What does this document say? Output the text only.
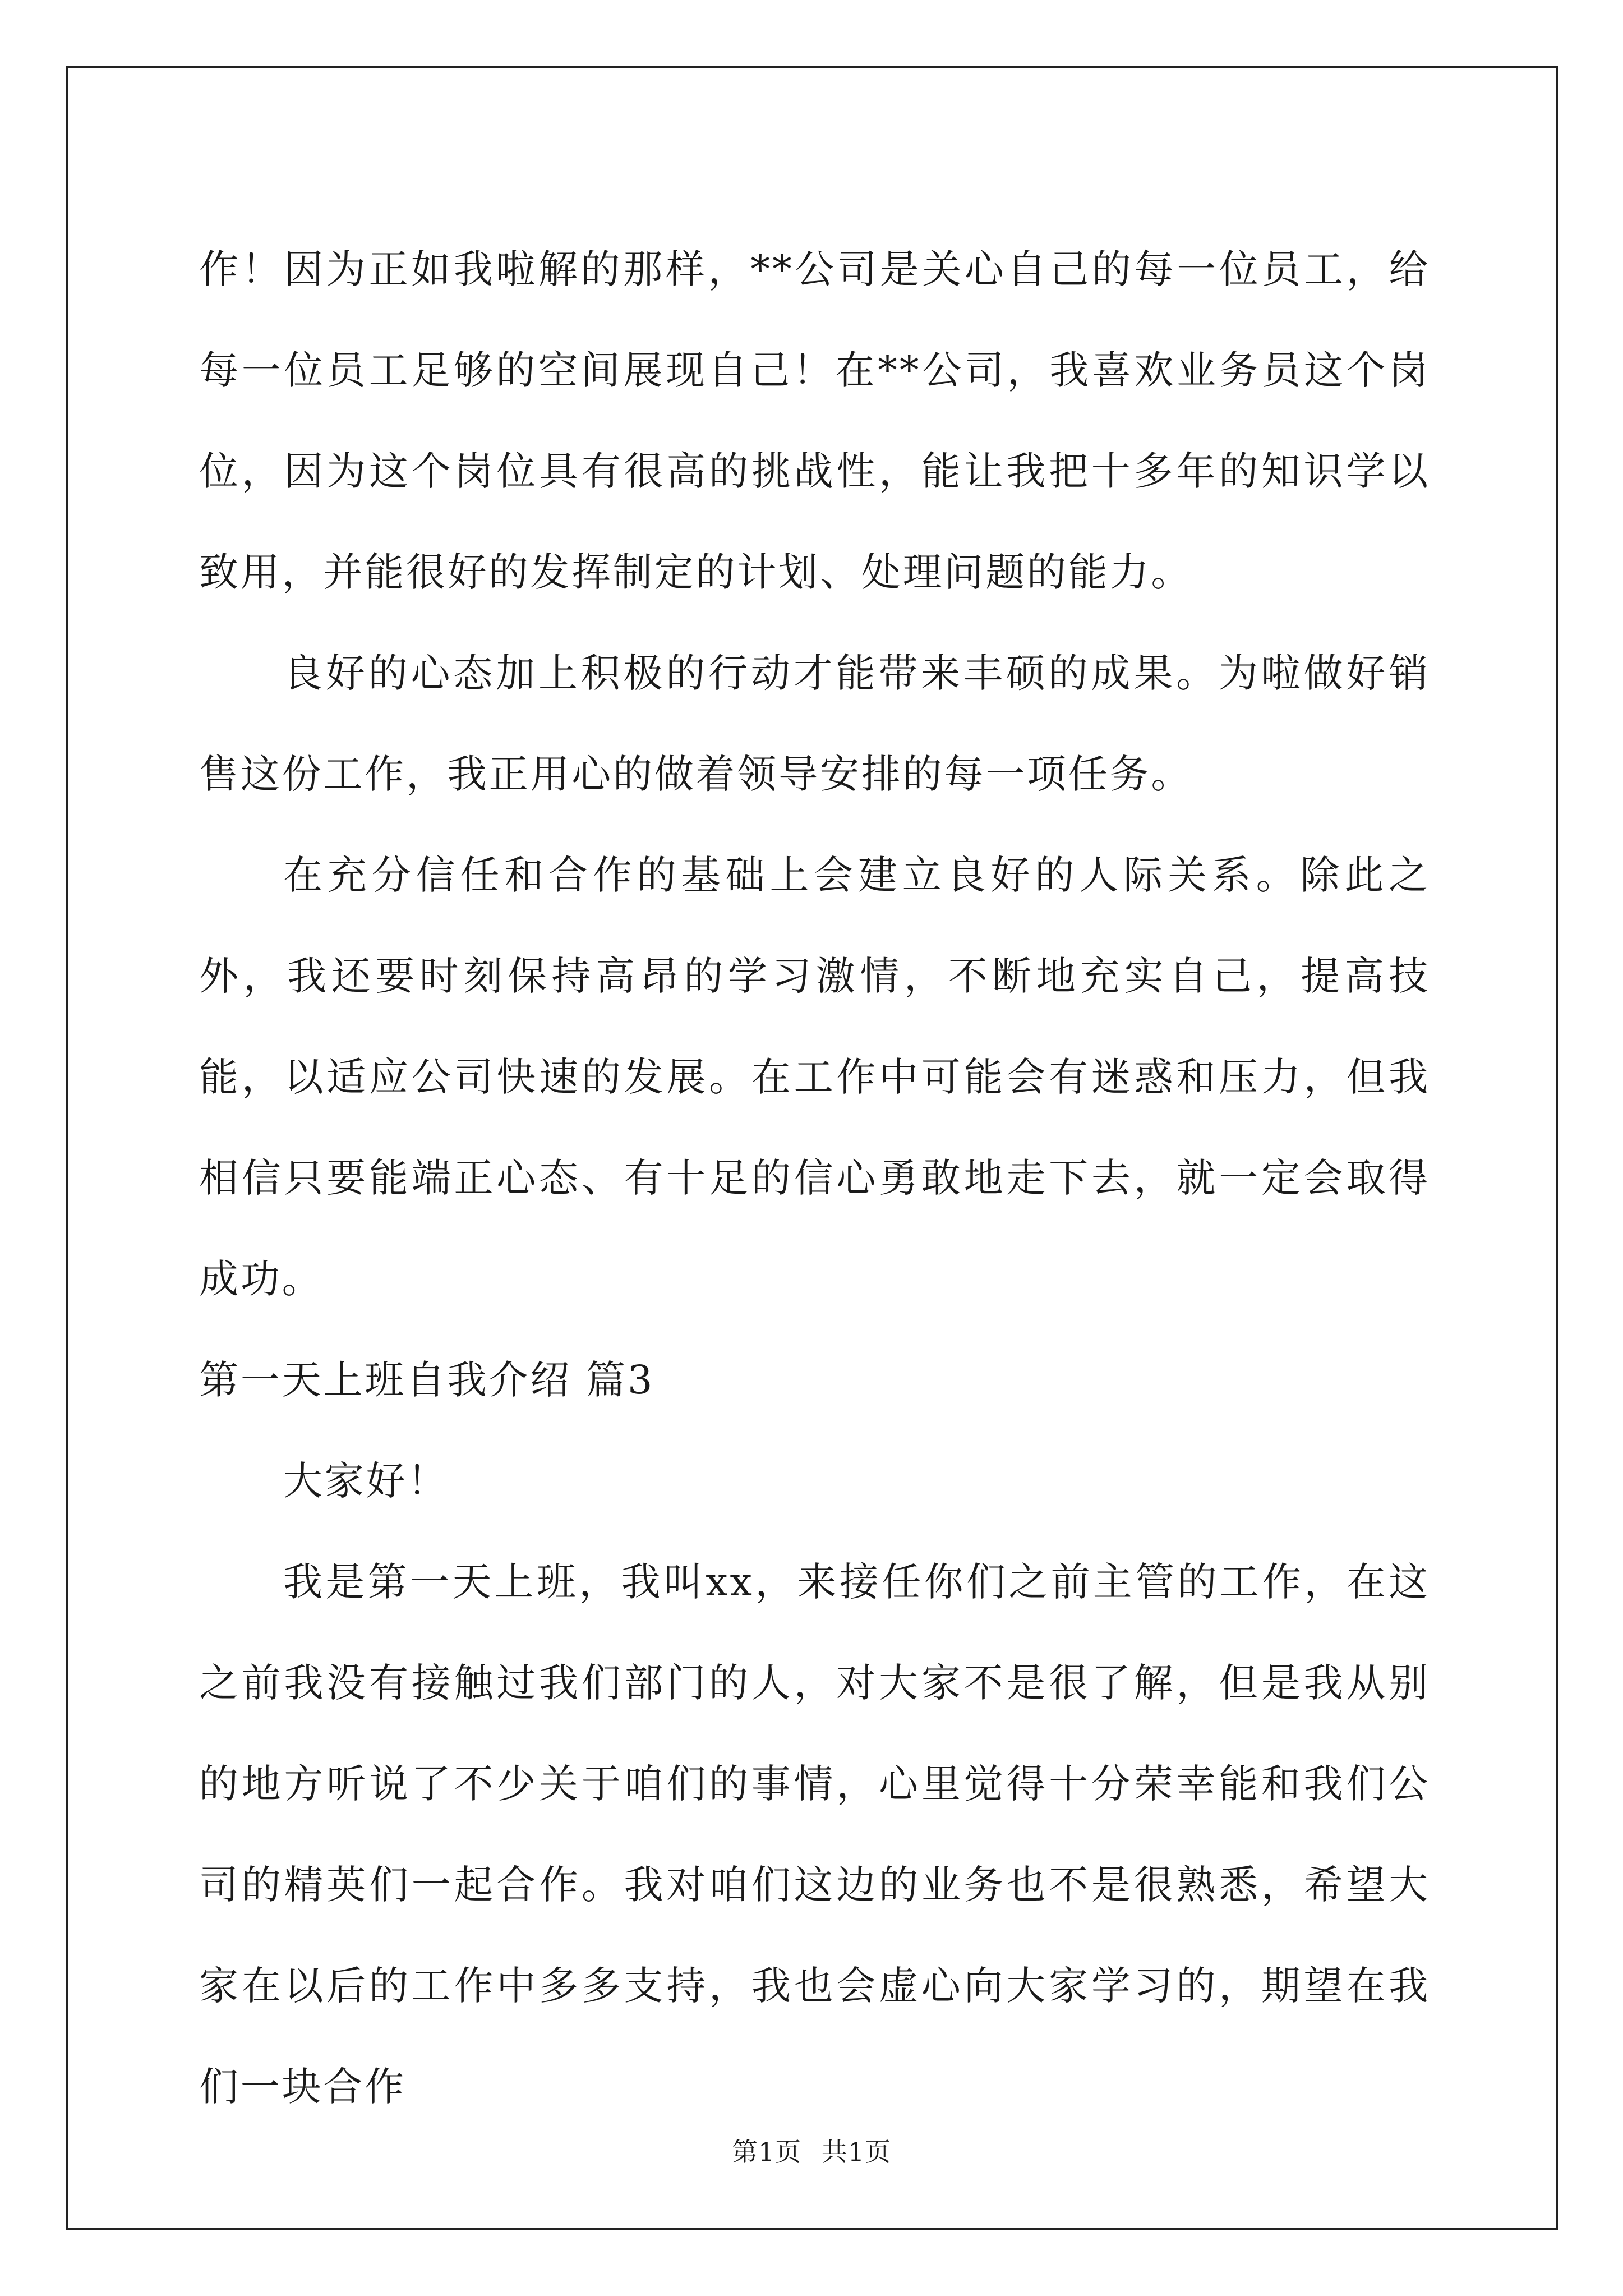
作！因为正如我啦解的那样，**公司是关心自己的每一位员工，给每一位员工足够的空间展现自己！在**公司，我喜欢业务员这个岗位，因为这个岗位具有很高的挑战性，能让我把十多年的知识学以致用，并能很好的发挥制定的计划、处理问题的能力。

良好的心态加上积极的行动才能带来丰硕的成果。为啦做好销售这份工作，我正用心的做着领导安排的每一项任务。

在充分信任和合作的基础上会建立良好的人际关系。除此之外，我还要时刻保持高昂的学习激情，不断地充实自己，提高技能，以适应公司快速的发展。在工作中可能会有迷惑和压力，但我相信只要能端正心态、有十足的信心勇敢地走下去，就一定会取得成功。

第一天上班自我介绍 篇3

大家好！

我是第一天上班，我叫xx，来接任你们之前主管的工作，在这之前我没有接触过我们部门的人，对大家不是很了解，但是我从别的地方听说了不少关于咱们的事情，心里觉得十分荣幸能和我们公司的精英们一起合作。我对咱们这边的业务也不是很熟悉，希望大家在以后的工作中多多支持，我也会虚心向大家学习的，期望在我们一块合作

第1页 共1页
